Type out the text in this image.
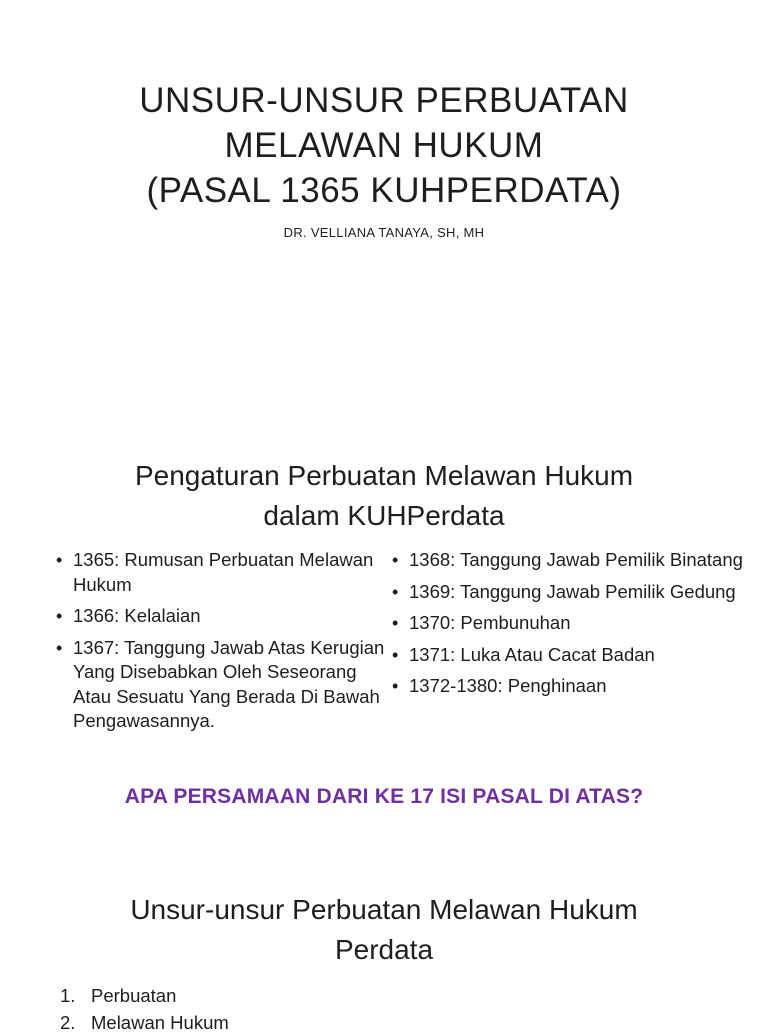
UNSUR-UNSUR PERBUATAN
MELAWAN HUKUM
(PASAL 1365 KUHPERDATA)
DR. VELLIANA TANAYA, SH, MH
Pengaturan Perbuatan Melawan Hukum
dalam KUHPerdata
• 1365: Rumusan Perbuatan Melawan Hukum
• 1366: Kelalaian
• 1367: Tanggung Jawab Atas Kerugian Yang Disebabkan Oleh Seseorang Atau Sesuatu Yang Berada Di Bawah Pengawasannya.
• 1368: Tanggung Jawab Pemilik Binatang
• 1369: Tanggung Jawab Pemilik Gedung
• 1370: Pembunuhan
• 1371: Luka Atau Cacat Badan
• 1372-1380: Penghinaan
APA PERSAMAAN DARI KE 17 ISI PASAL DI ATAS?
Unsur-unsur Perbuatan Melawan Hukum
Perdata
1. Perbuatan
2. Melawan Hukum
